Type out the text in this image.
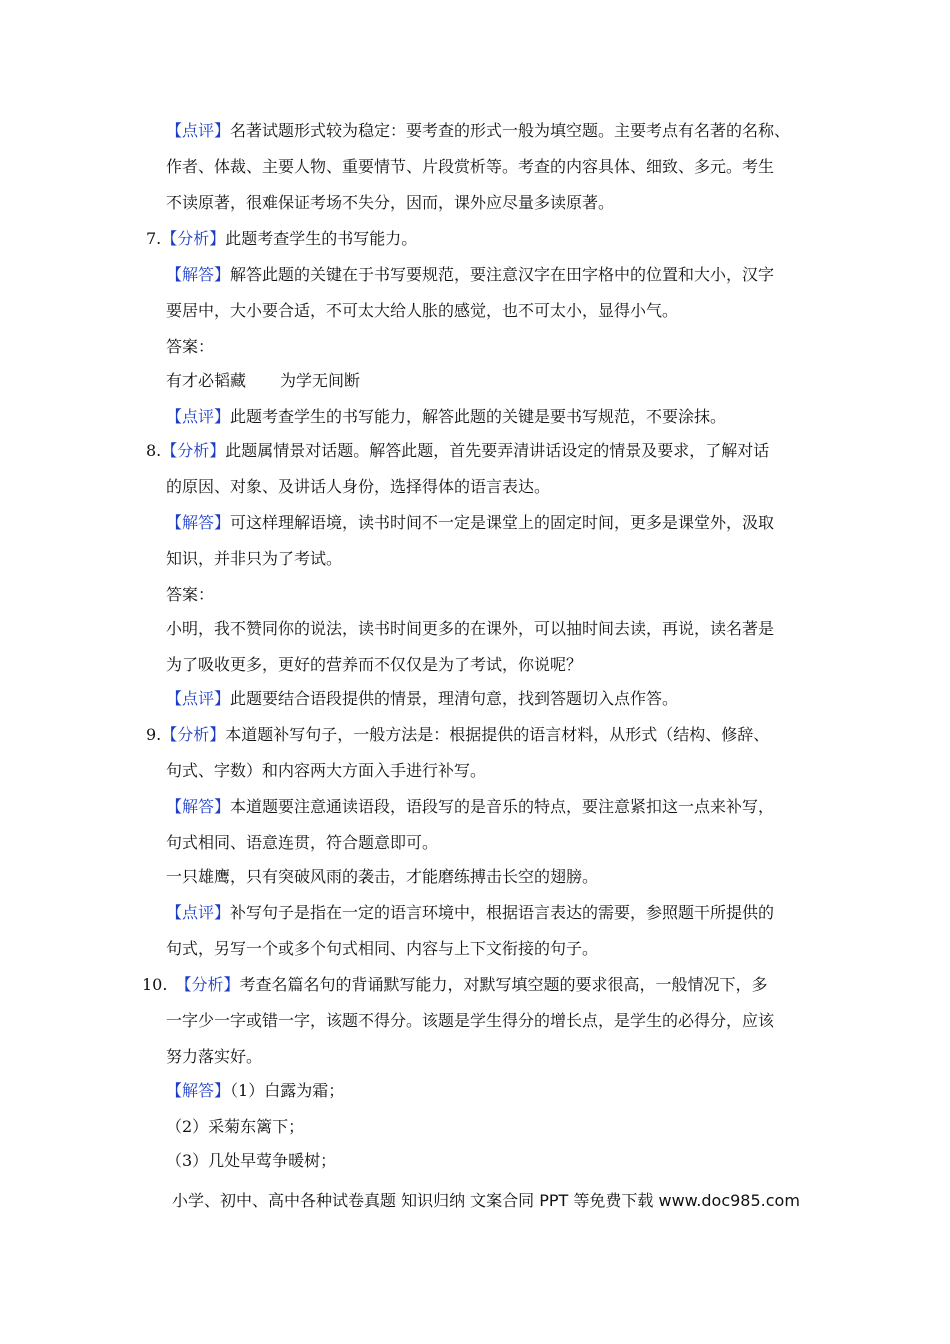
【点评】名著试题形式较为稳定：要考查的形式一般为填空题。主要考点有名著的名称、
作者、体裁、主要人物、重要情节、片段赏析等。考查的内容具体、细致、多元。考生
不读原著，很难保证考场不失分，因而，课外应尽量多读原著。
7.【分析】此题考查学生的书写能力。
【解答】解答此题的关键在于书写要规范，要注意汉字在田字格中的位置和大小，汉字
要居中，大小要合适，不可太大给人胀的感觉，也不可太小，显得小气。
答案：
有才必韬藏 为学无间断
【点评】此题考查学生的书写能力，解答此题的关键是要书写规范，不要涂抹。
8.【分析】此题属情景对话题。解答此题，首先要弄清讲话设定的情景及要求，了解对话
的原因、对象、及讲话人身份，选择得体的语言表达。
【解答】可这样理解语境，读书时间不一定是课堂上的固定时间，更多是课堂外，汲取
知识，并非只为了考试。
答案：
小明，我不赞同你的说法，读书时间更多的在课外，可以抽时间去读，再说，读名著是
为了吸收更多，更好的营养而不仅仅是为了考试，你说呢？
【点评】此题要结合语段提供的情景，理清句意，找到答题切入点作答。
9.【分析】本道题补写句子，一般方法是：根据提供的语言材料，从形式（结构、修辞、
句式、字数）和内容两大方面入手进行补写。
【解答】本道题要注意通读语段，语段写的是音乐的特点，要注意紧扣这一点来补写，
句式相同、语意连贯，符合题意即可。
一只雄鹰，只有突破风雨的袭击，才能磨练搏击长空的翅膀。
【点评】补写句子是指在一定的语言环境中，根据语言表达的需要，参照题干所提供的
句式，另写一个或多个句式相同、内容与上下文衔接的句子。
10. 【分析】考查名篇名句的背诵默写能力，对默写填空题的要求很高，一般情况下，多
一字少一字或错一字，该题不得分。该题是学生得分的增长点，是学生的必得分，应该
努力落实好。
【解答】（1）白露为霜；
（2）采菊东篱下；
（3）几处早莺争暖树；
小学、初中、高中各种试卷真题 知识归纳 文案合同 PPT 等免费下载 www.doc985.com
